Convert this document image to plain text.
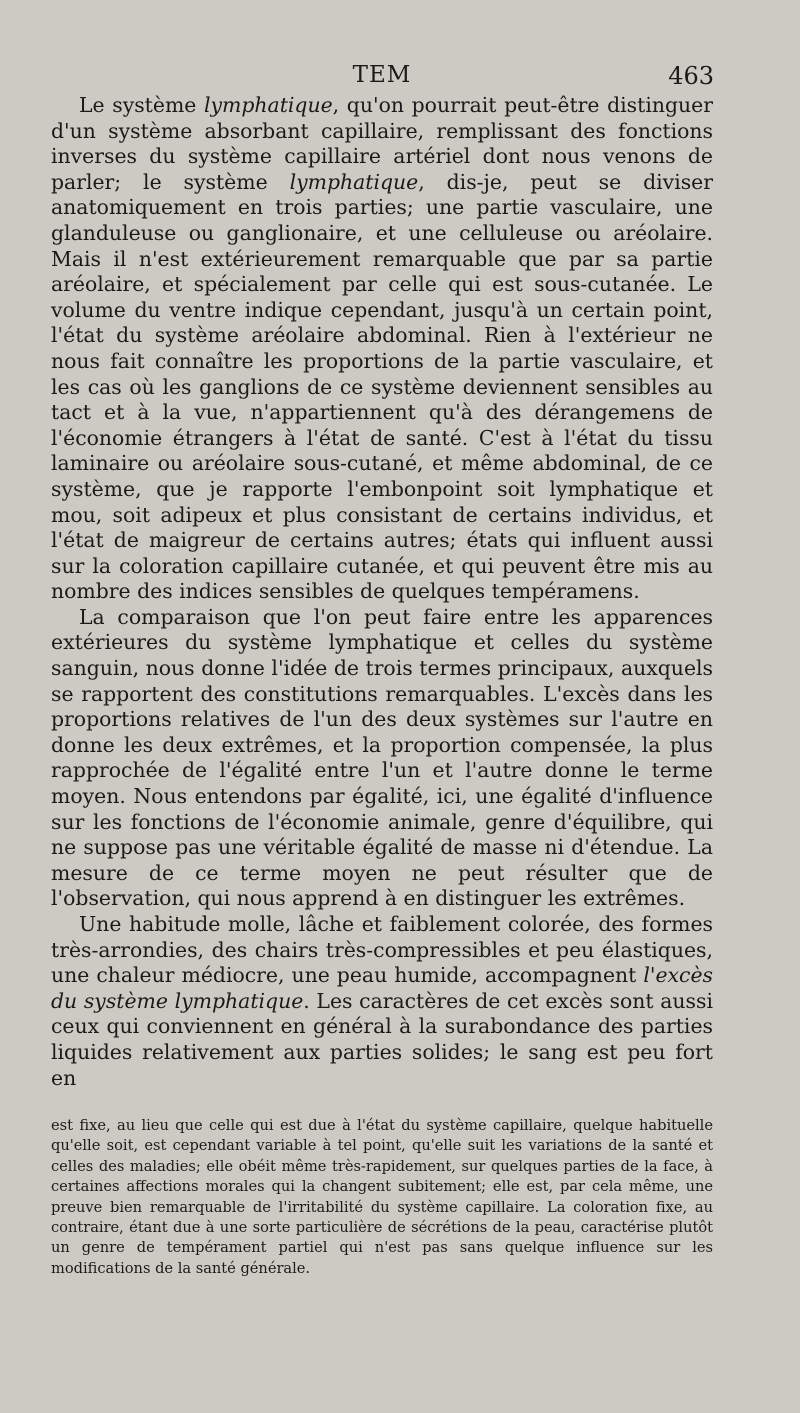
TEM	463

Le système lymphatique, qu'on pourrait peut-être distinguer d'un système absorbant capillaire, remplissant des fonctions inverses du système capillaire artériel dont nous venons de parler; le système lymphatique, dis-je, peut se diviser anatomiquement en trois parties; une partie vasculaire, une glanduleuse ou ganglionaire, et une celluleuse ou aréolaire. Mais il n'est extérieurement remarquable que par sa partie aréolaire, et spécialement par celle qui est sous-cutanée. Le volume du ventre indique cependant, jusqu'à un certain point, l'état du système aréolaire abdominal. Rien à l'extérieur ne nous fait connaître les proportions de la partie vasculaire, et les cas où les ganglions de ce système deviennent sensibles au tact et à la vue, n'appartiennent qu'à des dérangemens de l'économie étrangers à l'état de santé. C'est à l'état du tissu laminaire ou aréolaire sous-cutané, et même abdominal, de ce système, que je rapporte l'embonpoint soit lymphatique et mou, soit adipeux et plus consistant de certains individus, et l'état de maigreur de certains autres; états qui influent aussi sur la coloration capillaire cutanée, et qui peuvent être mis au nombre des indices sensibles de quelques tempéramens.

La comparaison que l'on peut faire entre les apparences extérieures du système lymphatique et celles du système sanguin, nous donne l'idée de trois termes principaux, auxquels se rapportent des constitutions remarquables. L'excès dans les proportions relatives de l'un des deux systèmes sur l'autre en donne les deux extrêmes, et la proportion compensée, la plus rapprochée de l'égalité entre l'un et l'autre donne le terme moyen. Nous entendons par égalité, ici, une égalité d'influence sur les fonctions de l'économie animale, genre d'équilibre, qui ne suppose pas une véritable égalité de masse ni d'étendue. La mesure de ce terme moyen ne peut résulter que de l'observation, qui nous apprend à en distinguer les extrêmes.

Une habitude molle, lâche et faiblement colorée, des formes très-arrondies, des chairs très-compressibles et peu élastiques, une chaleur médiocre, une peau humide, accompagnent l'excès du système lymphatique. Les caractères de cet excès sont aussi ceux qui conviennent en général à la surabondance des parties liquides relativement aux parties solides; le sang est peu fort en

est fixe, au lieu que celle qui est due à l'état du système capillaire, quelque habituelle qu'elle soit, est cependant variable à tel point, qu'elle suit les variations de la santé et celles des maladies; elle obéit même très-rapidement, sur quelques parties de la face, à certaines affections morales qui la changent subitement; elle est, par cela même, une preuve bien remarquable de l'irritabilité du système capillaire. La coloration fixe, au contraire, étant due à une sorte particulière de sécrétions de la peau, caractérise plutôt un genre de tempérament partiel qui n'est pas sans quelque influence sur les modifications de la santé générale.
